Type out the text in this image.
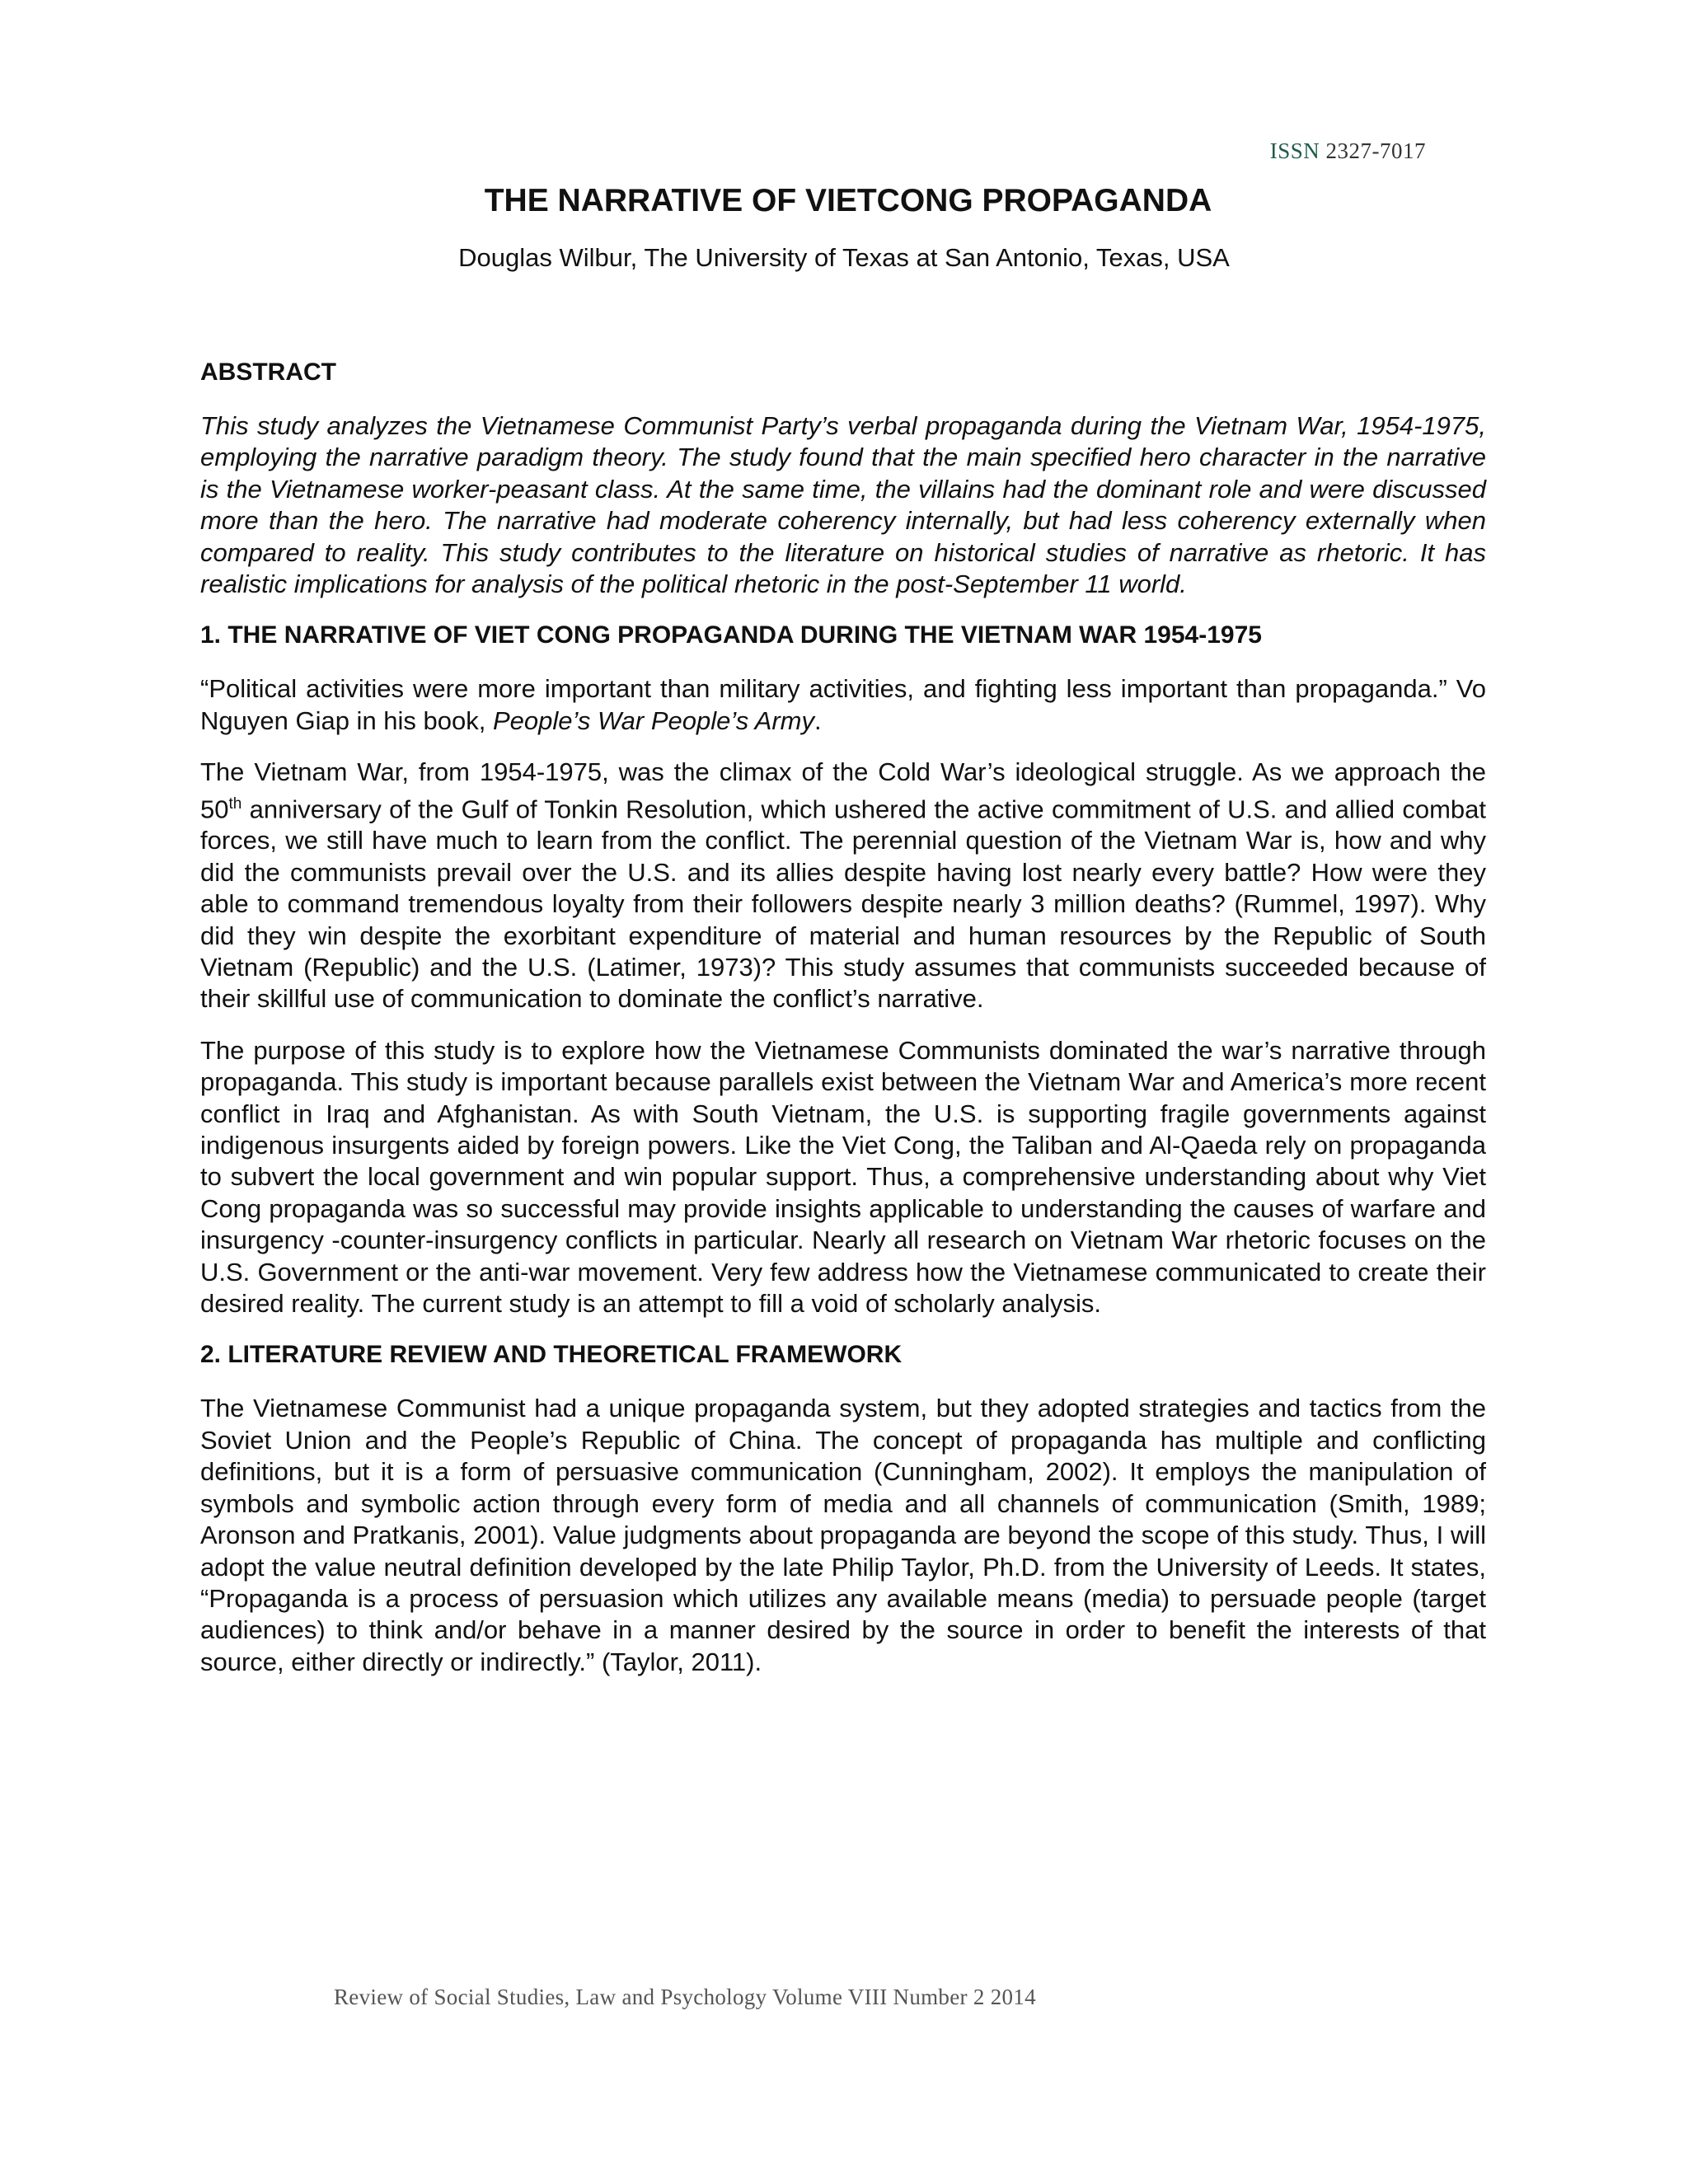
ISSN 2327-7017
THE NARRATIVE OF VIETCONG PROPAGANDA
Douglas Wilbur, The University of Texas at San Antonio, Texas, USA
ABSTRACT

This study analyzes the Vietnamese Communist Party’s verbal propaganda during the Vietnam War, 1954-1975, employing the narrative paradigm theory. The study found that the main specified hero character in the narrative is the Vietnamese worker-peasant class. At the same time, the villains had the dominant role and were discussed more than the hero. The narrative had moderate coherency internally, but had less coherency externally when compared to reality. This study contributes to the literature on historical studies of narrative as rhetoric. It has realistic implications for analysis of the political rhetoric in the post-September 11 world.

1. THE NARRATIVE OF VIET CONG PROPAGANDA DURING THE VIETNAM WAR 1954-1975

“Political activities were more important than military activities, and fighting less important than propaganda.” Vo Nguyen Giap in his book, People’s War People’s Army.

The Vietnam War, from 1954-1975, was the climax of the Cold War’s ideological struggle. As we approach the 50th anniversary of the Gulf of Tonkin Resolution, which ushered the active commitment of U.S. and allied combat forces, we still have much to learn from the conflict. The perennial question of the Vietnam War is, how and why did the communists prevail over the U.S. and its allies despite having lost nearly every battle? How were they able to command tremendous loyalty from their followers despite nearly 3 million deaths? (Rummel, 1997). Why did they win despite the exorbitant expenditure of material and human resources by the Republic of South Vietnam (Republic) and the U.S. (Latimer, 1973)? This study assumes that communists succeeded because of their skillful use of communication to dominate the conflict’s narrative.

The purpose of this study is to explore how the Vietnamese Communists dominated the war’s narrative through propaganda. This study is important because parallels exist between the Vietnam War and America’s more recent conflict in Iraq and Afghanistan. As with South Vietnam, the U.S. is supporting fragile governments against indigenous insurgents aided by foreign powers. Like the Viet Cong, the Taliban and Al-Qaeda rely on propaganda to subvert the local government and win popular support. Thus, a comprehensive understanding about why Viet Cong propaganda was so successful may provide insights applicable to understanding the causes of warfare and insurgency -counter-insurgency conflicts in particular. Nearly all research on Vietnam War rhetoric focuses on the U.S. Government or the anti-war movement. Very few address how the Vietnamese communicated to create their desired reality. The current study is an attempt to fill a void of scholarly analysis.

2. LITERATURE REVIEW AND THEORETICAL FRAMEWORK

The Vietnamese Communist had a unique propaganda system, but they adopted strategies and tactics from the Soviet Union and the People’s Republic of China. The concept of propaganda has multiple and conflicting definitions, but it is a form of persuasive communication (Cunningham, 2002). It employs the manipulation of symbols and symbolic action through every form of media and all channels of communication (Smith, 1989; Aronson and Pratkanis, 2001). Value judgments about propaganda are beyond the scope of this study. Thus, I will adopt the value neutral definition developed by the late Philip Taylor, Ph.D. from the University of Leeds. It states, “Propaganda is a process of persuasion which utilizes any available means (media) to persuade people (target audiences) to think and/or behave in a manner desired by the source in order to benefit the interests of that source, either directly or indirectly.” (Taylor, 2011).

Review of Social Studies, Law and Psychology Volume VIII Number 2 2014
